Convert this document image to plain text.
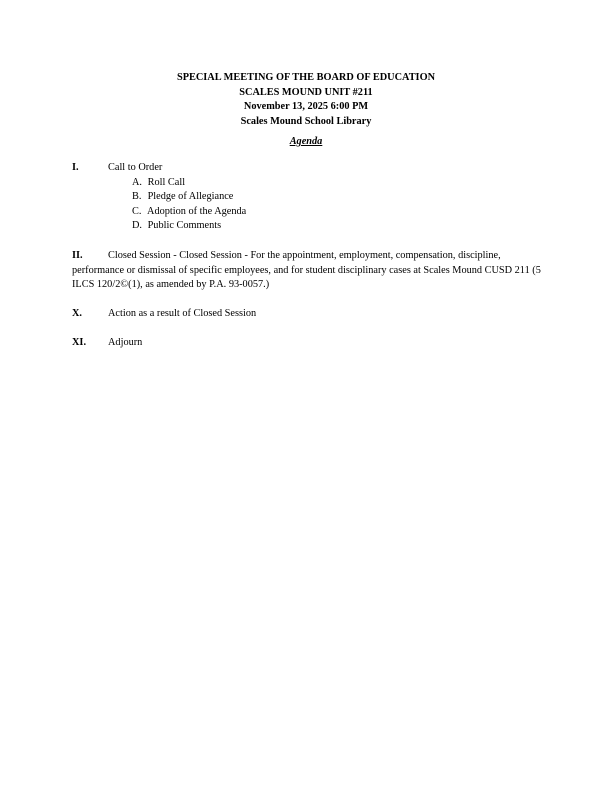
SPECIAL MEETING OF THE BOARD OF EDUCATION
SCALES MOUND UNIT #211
November 13, 2025 6:00 PM
Scales Mound School Library
Agenda
I.	Call to Order
A. Roll Call
B. Pledge of Allegiance
C. Adoption of the Agenda
D. Public Comments
II. Closed Session - Closed Session - For the appointment, employment, compensation, discipline, performance or dismissal of specific employees, and for student disciplinary cases at Scales Mound CUSD 211 (5 ILCS 120/2©(1), as amended by P.A. 93-0057.)
X.	Action as a result of Closed Session
XI. Adjourn
